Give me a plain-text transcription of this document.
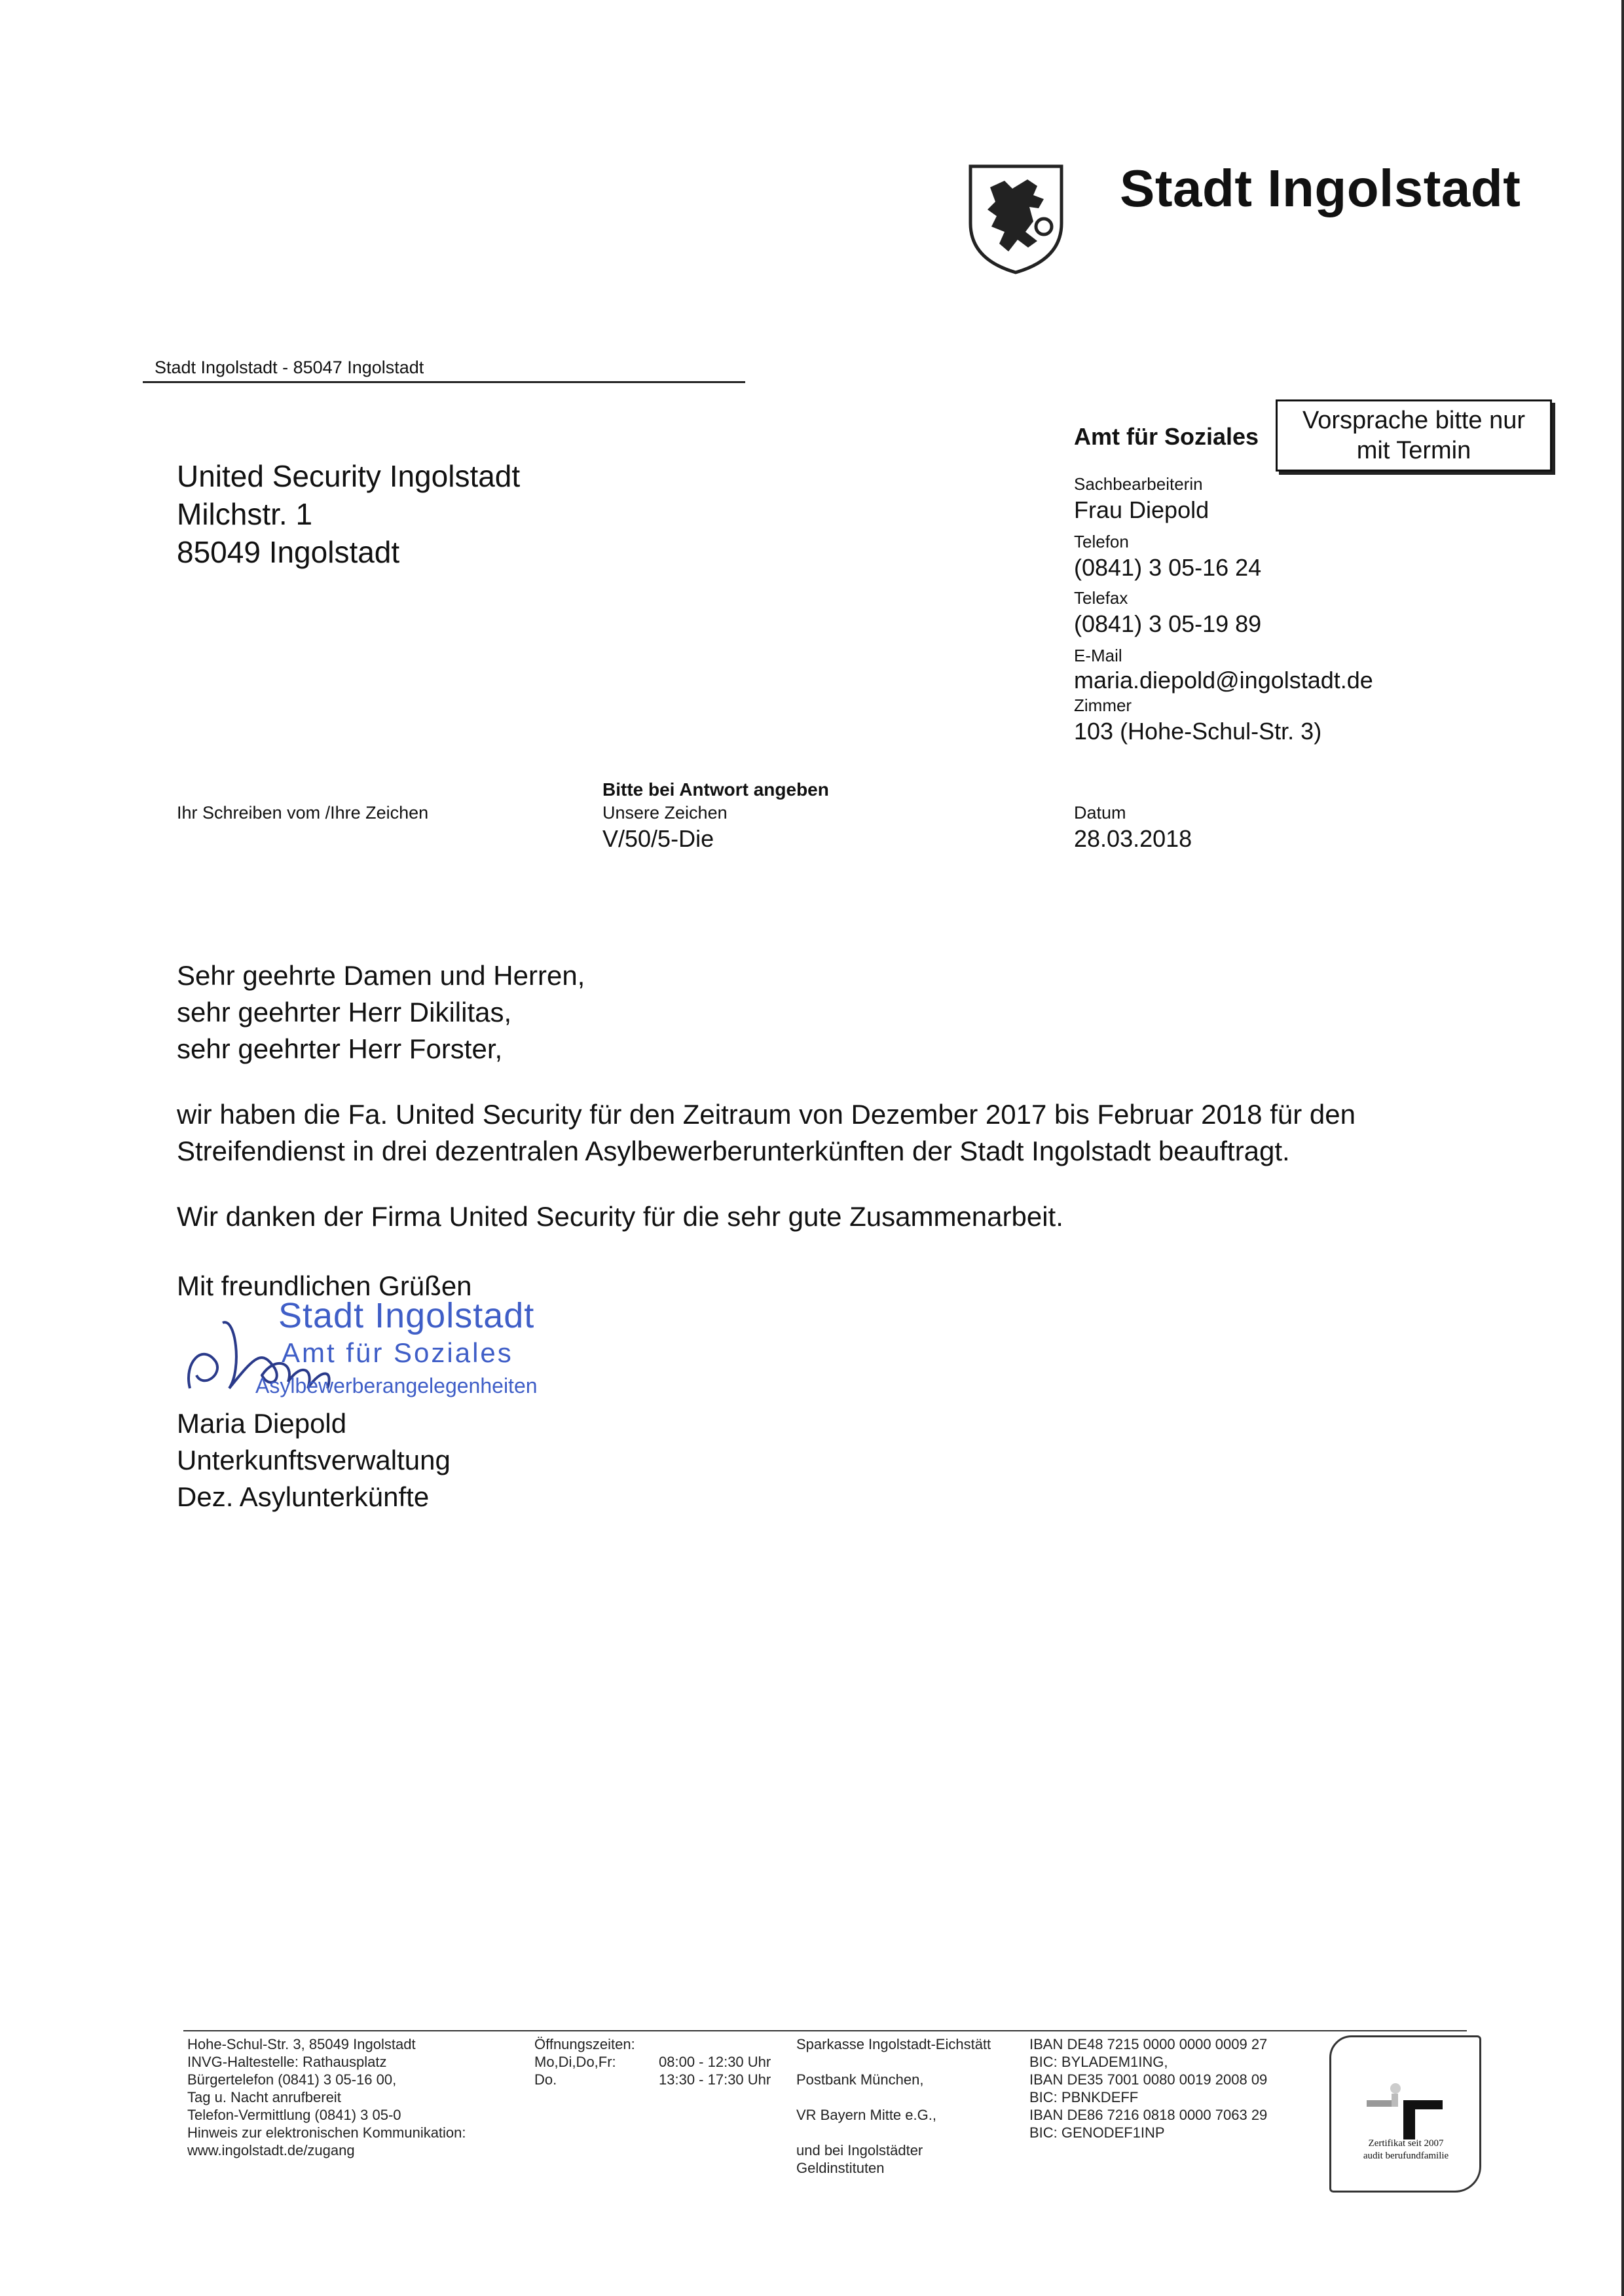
Stadt Ingolstadt
Stadt Ingolstadt - 85047 Ingolstadt
United Security Ingolstadt
Milchstr. 1
85049 Ingolstadt
Amt für Soziales
Vorsprache bitte nur
mit Termin
Sachbearbeiterin
Frau Diepold
Telefon
(0841) 3 05-16 24
Telefax
(0841) 3 05-19 89
E-Mail
maria.diepold@ingolstadt.de
Zimmer
103 (Hohe-Schul-Str. 3)
Ihr Schreiben vom /Ihre Zeichen
Bitte bei Antwort angeben
Unsere Zeichen
V/50/5-Die
Datum
28.03.2018
Sehr geehrte Damen und Herren,
sehr geehrter Herr Dikilitas,
sehr geehrter Herr Forster,
wir haben die Fa. United Security für den Zeitraum von Dezember 2017 bis Februar 2018 für den
Streifendienst in drei dezentralen Asylbewerberunterkünften der Stadt Ingolstadt beauftragt.
Wir danken der Firma United Security für die sehr gute Zusammenarbeit.
Mit freundlichen Grüßen
Stadt Ingolstadt
Amt für Soziales
Asylbewerberangelegenheiten
Maria Diepold
Unterkunftsverwaltung
Dez. Asylunterkünfte
Hohe-Schul-Str. 3, 85049 Ingolstadt
INVG-Haltestelle: Rathausplatz
Bürgertelefon (0841) 3 05-16 00,
Tag u. Nacht anrufbereit
Telefon-Vermittlung (0841) 3 05-0
Hinweis zur elektronischen Kommunikation:
www.ingolstadt.de/zugang
Öffnungszeiten:
Mo,Di,Do,Fr:
Do.
08:00 - 12:30 Uhr
13:30 - 17:30 Uhr
Sparkasse Ingolstadt-Eichstätt
Postbank München,
VR Bayern Mitte e.G.,
und bei Ingolstädter
Geldinstituten
IBAN DE48 7215 0000 0000 0009 27
BIC: BYLADEM1ING,
IBAN DE35 7001 0080 0019 2008 09
BIC: PBNKDEFF
IBAN DE86 7216 0818 0000 7063 29
BIC: GENODEF1INP
Zertifikat seit 2007
audit berufundfamilie
